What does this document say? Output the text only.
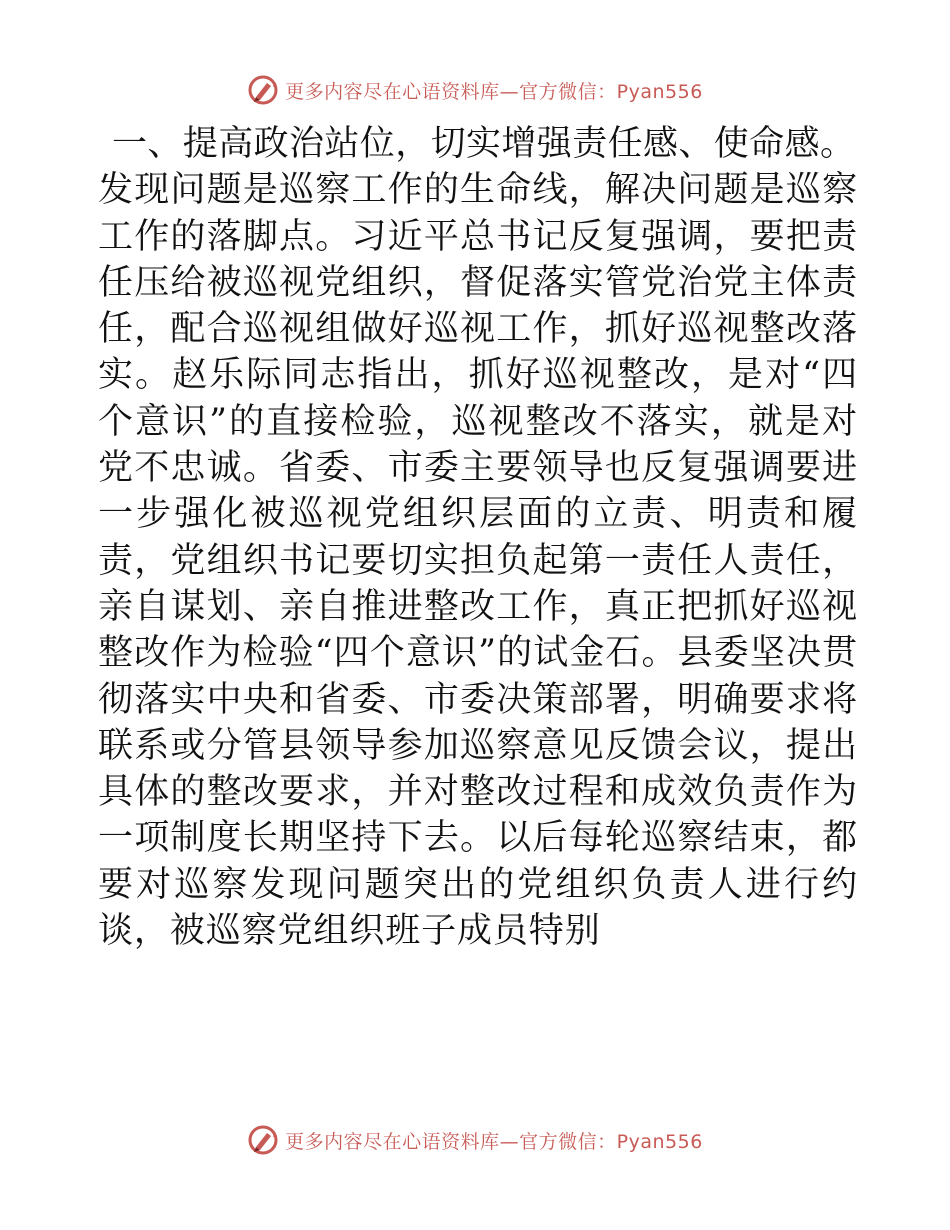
更多内容尽在心语资料库—官方微信：Pyan556
一、提高政治站位，切实增强责任感、使命感。
发现问题是巡察工作的生命线，解决问题是巡察工作的落脚点。习近平总书记反复强调，要把责任压给被巡视党组织，督促落实管党治党主体责任，配合巡视组做好巡视工作，抓好巡视整改落实。赵乐际同志指出，抓好巡视整改，是对“四个意识”的直接检验，巡视整改不落实，就是对党不忠诚。省委、市委主要领导也反复强调要进一步强化被巡视党组织层面的立责、明责和履责，党组织书记要切实担负起第一责任人责任，亲自谋划、亲自推进整改工作，真正把抓好巡视整改作为检验“四个意识”的试金石。县委坚决贯彻落实中央和省委、市委决策部署，明确要求将联系或分管县领导参加巡察意见反馈会议，提出具体的整改要求，并对整改过程和成效负责作为一项制度长期坚持下去。以后每轮巡察结束，都要对巡察发现问题突出的党组织负责人进行约谈，被巡察党组织班子成员特别
更多内容尽在心语资料库—官方微信：Pyan556
